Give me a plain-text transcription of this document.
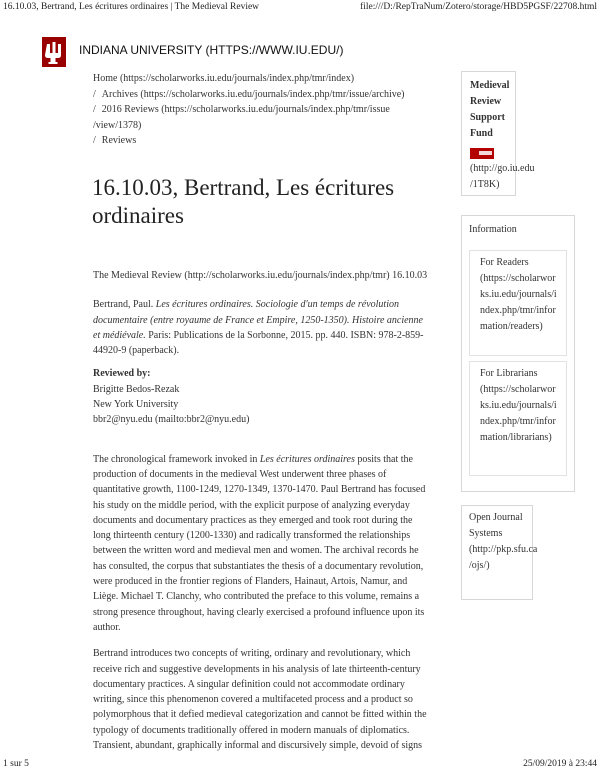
16.10.03, Bertrand, Les écritures ordinaires | The Medieval Review	file:///D:/RepTraNum/Zotero/storage/HBD5PGSF/22708.html
INDIANA UNIVERSITY (HTTPS://WWW.IU.EDU/)
Home (https://scholarworks.iu.edu/journals/index.php/tmr/index)
/ Archives (https://scholarworks.iu.edu/journals/index.php/tmr/issue/archive)
/ 2016 Reviews (https://scholarworks.iu.edu/journals/index.php/tmr/issue /view/1378)
/ Reviews
16.10.03, Bertrand, Les écritures ordinaires

The Medieval Review (http://scholarworks.iu.edu/journals/index.php/tmr) 16.10.03

Bertrand, Paul. Les écritures ordinaires. Sociologie d'un temps de révolution documentaire (entre royaume de France et Empire, 1250-1350). Histoire ancienne et médiévale. Paris: Publications de la Sorbonne, 2015. pp. 440. ISBN: 978-2-859-44920-9 (paperback).

Reviewed by:

Brigitte Bedos-Rezak

New York University

bbr2@nyu.edu (mailto:bbr2@nyu.edu)

The chronological framework invoked in Les écritures ordinaires posits that the production of documents in the medieval West underwent three phases of quantitative growth, 1100-1249, 1270-1349, 1370-1470. Paul Bertrand has focused his study on the middle period, with the explicit purpose of analyzing everyday documents and documentary practices as they emerged and took root during the long thirteenth century (1200-1330) and radically transformed the relationships between the written word and medieval men and women. The archival records he has consulted, the corpus that substantiates the thesis of a documentary revolution, were produced in the frontier regions of Flanders, Hainaut, Artois, Namur, and Liège. Michael T. Clanchy, who contributed the preface to this volume, remains a strong presence throughout, having clearly exercised a profound influence upon its author.

Bertrand introduces two concepts of writing, ordinary and revolutionary, which receive rich and suggestive developments in his analysis of late thirteenth-century documentary practices. A singular definition could not accommodate ordinary writing, since this phenomenon covered a multifaceted process and a product so polymorphous that it defied medieval categorization and cannot be fitted within the typology of documents traditionally offered in modern manuals of diplomatics. Transient, abundant, graphically informal and discursively simple, devoid of signs

Medieval
Review
Support
Fund
(http://go.iu.edu /1T8K)
Information
For Readers
(https://scholarworks.iu.edu/journals/index.php/tmr/information/readers)
For Librarians
(https://scholarworks.iu.edu/journals/index.php/tmr/information/librarians)
Open Journal Systems
(http://pkp.sfu.ca /ojs/)
1 sur 5	25/09/2019 à 23:44
